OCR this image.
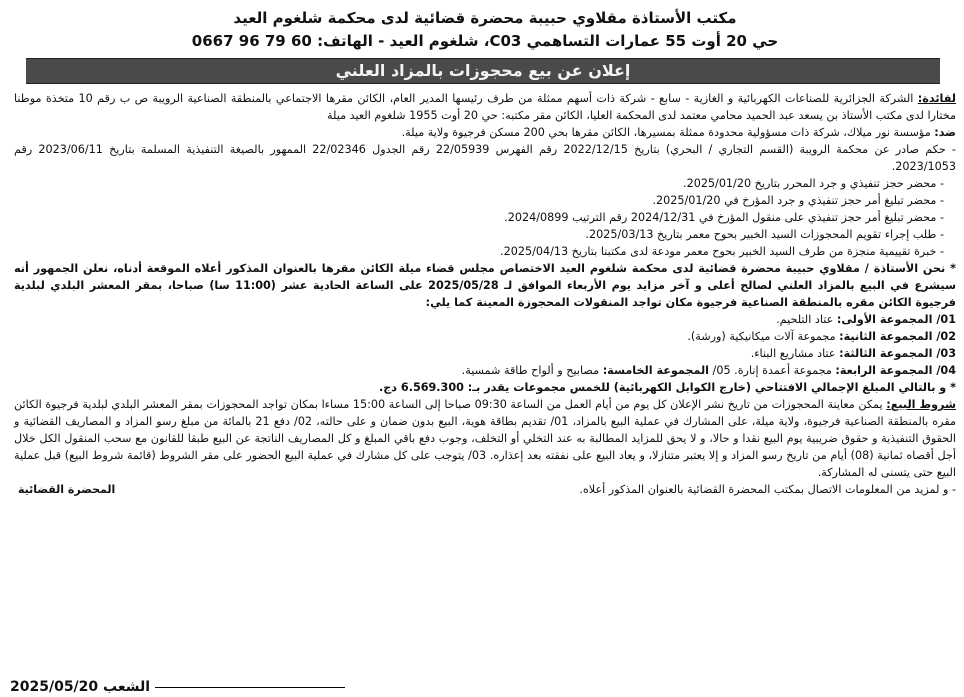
مكتب الأستاذة مقلاوي حبيبة محضرة قضائية لدى محكمة شلغوم العيد
حي 20 أوت 55 عمارات التساهمي C03، شلغوم العيد - الهاتف: 60 79 96 0667
إعلان عن بيع محجوزات بالمزاد العلني

لفائدة: الشركة الجزائرية للصناعات الكهربائية و الغازية - سابع - شركة ذات أسهم ممثلة من طرف رئيسها المدير العام، الكائن مقرها الاجتماعي بالمنطقة الصناعية الرويبة ص ب رقم 10 متخذة موطنا مختارا لدى مكتب الأستاذ بن يسعد عبد الحميد محامي معتمد لدى المحكمة العليا، الكائن مقر مكتبه: حي 20 أوت 1955 شلغوم العيد ميلة

ضد: مؤسسة نور ميلاك، شركة ذات مسؤولية محدودة ممثلة بمسيرها، الكائن مقرها بحي 200 مسكن فرجيوة ولاية ميلة.

- حكم صادر عن محكمة الرويبة (القسم التجاري / البحري) بتاريخ 2022/12/15 رقم الفهرس 22/05939 رقم الجدول 22/02346 الممهور بالصيغة التنفيذية المسلمة بتاريخ 2023/06/11 رقم 2023/1053.

- محضر حجز تنفيذي و جرد المحرر بتاريخ 2025/01/20.

- محضر تبليغ أمر حجز تنفيذي و جرد المؤرخ في 2025/01/20.

- محضر تبليغ أمر حجز تنفيذي على منقول المؤرخ في 2024/12/31 رقم الترتيب 2024/0899.

- طلب إجراء تقويم المحجوزات السيد الخبير بحوح معمر بتاريخ 2025/03/13.

- خبرة تقييمية منجزة من طرف السيد الخبير بحوح معمر مودعة لدى مكتبنا بتاريخ 2025/04/13.

* نحن الأستاذة / مقلاوي حبيبة محضرة قضائية لدى محكمة شلغوم العيد الاختصاص مجلس قضاء ميلة الكائن مقرها بالعنوان المذكور أعلاه الموقعة أدناه، نعلن الجمهور أنه سيشرع في البيع بالمزاد العلني لصالح أعلى و آخر مزايد يوم الأربعاء الموافق لـ 2025/05/28 على الساعة الحادية عشر (11:00 سا) صباحا، بمقر المعشر البلدي لبلدية فرجيوة الكائن مقره بالمنطقة الصناعية فرجيوة مكان تواجد المنقولات المحجوزة المعينة كما يلي:

01/ المجموعة الأولى: عتاد التلحيم.

02/ المجموعة الثانية: مجموعة آلات ميكانيكية (ورشة).

03/ المجموعة الثالثة: عتاد مشاريع البناء.

04/ المجموعة الرابعة: مجموعة أعمدة إنارة. 05/ المجموعة الخامسة: مصابيح و ألواح طاقة شمسية.

* و بالتالي المبلغ الإجمالي الافتتاحي (خارج الكوابل الكهربائية) للخمس مجموعات يقدر بـ: 6.569.300 دج.

شروط البيع: يمكن معاينة المحجوزات من تاريخ نشر الإعلان كل يوم من أيام العمل من الساعة 09:30 صباحا إلى الساعة 15:00 مساءا بمكان تواجد المحجوزات بمقر المعشر البلدي لبلدية فرجيوة الكائن مقره بالمنطقة الصناعية فرجيوة، ولاية ميلة، على المشارك في عملية البيع بالمزاد، 01/ تقديم بطاقة هوية، البيع بدون ضمان و على حالته، 02/ دفع 21 بالمائة من مبلغ رسو المزاد و المصاريف القضائية و الحقوق التنفيذية و حقوق ضريبية يوم البيع نقدا و حالا، و لا يحق للمزايد المطالبة به عند التخلي أو التخلف، وجوب دفع باقي المبلغ و كل المصاريف الناتجة عن البيع طبقا للقانون مع سحب المنقول الكل خلال أجل أقصاه ثمانية (08) أيام من تاريخ رسو المزاد و إلا يعتبر متنازلا، و يعاد البيع على نفقته بعد إعذاره. 03/ يتوجب على كل مشارك في عملية البيع الحضور على مقر الشروط (قائمة شروط البيع) قبل عملية البيع حتى يتسنى له المشاركة.

- و لمزيد من المعلومات الاتصال بمكتب المحضرة القضائية بالعنوان المذكور أعلاه.
المحضرة القضائية
الشعب 2025/05/20
